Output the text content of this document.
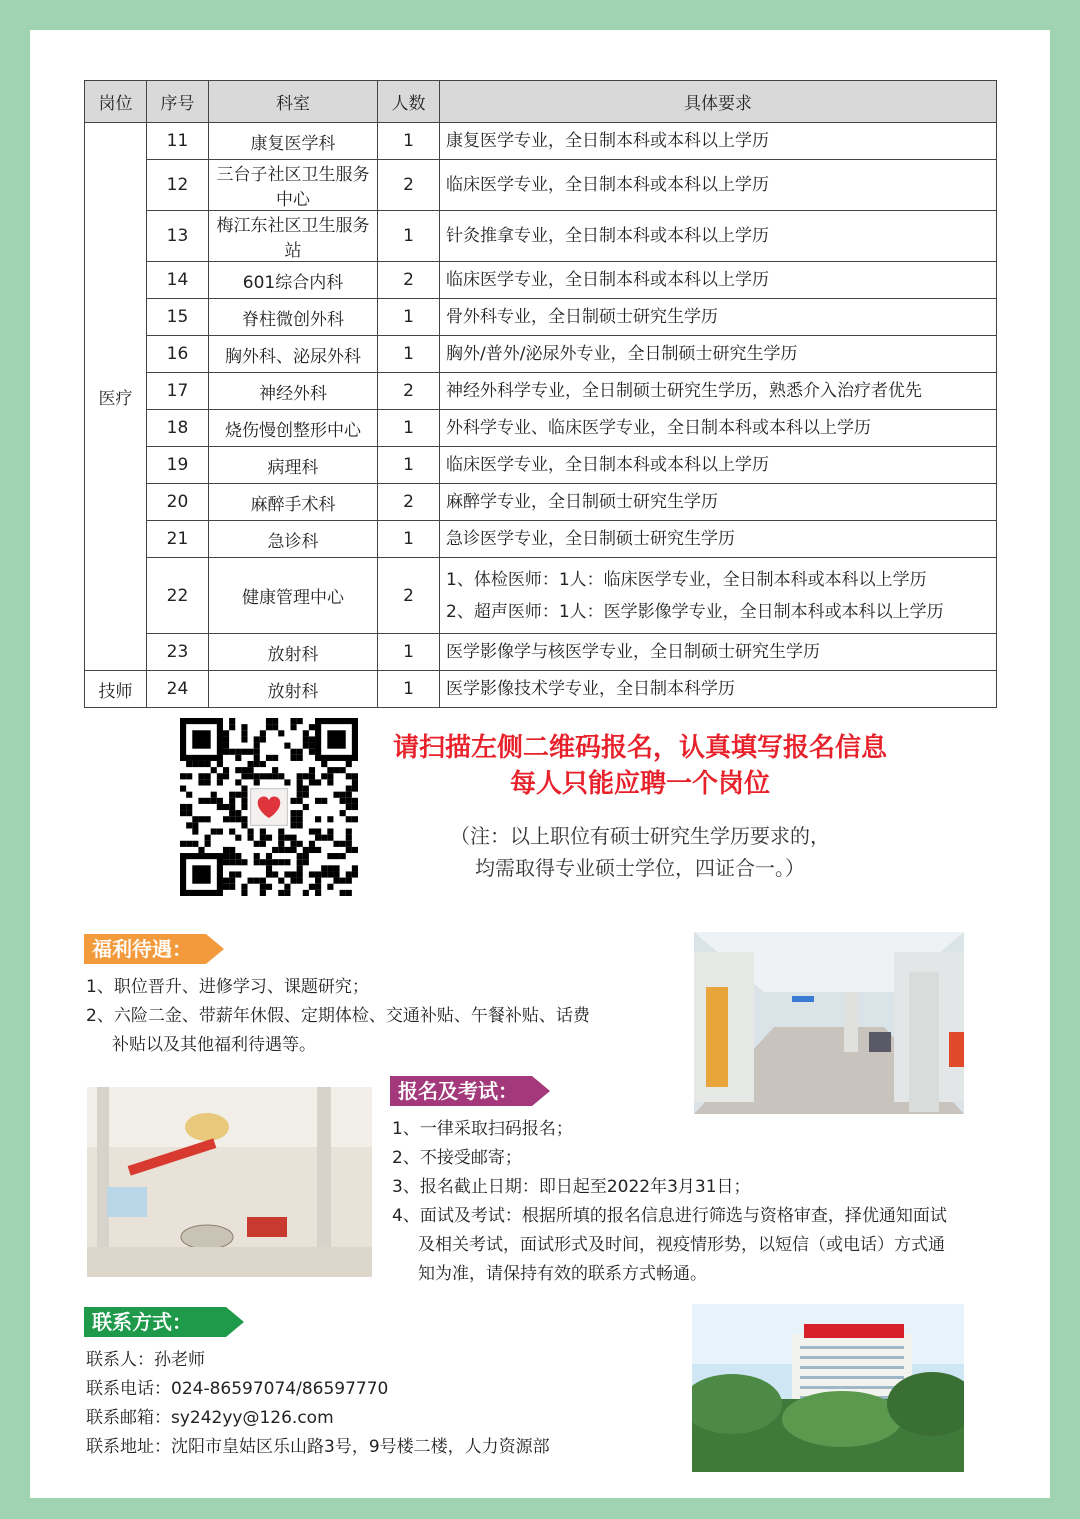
岗位	序号	科室	人数	具体要求
医疗	11	康复医学科	1	康复医学专业，全日制本科或本科以上学历

	12	三台子社区卫生服务中心	2	临床医学专业，全日制本科或本科以上学历

	13	梅江东社区卫生服务站	1	针灸推拿专业，全日制本科或本科以上学历

	14	601综合内科	2	临床医学专业，全日制本科或本科以上学历

	15	脊柱微创外科	1	骨外科专业，全日制硕士研究生学历

	16	胸外科、泌尿外科	1	胸外/普外/泌尿外专业，全日制硕士研究生学历

	17	神经外科	2	神经外科学专业，全日制硕士研究生学历，熟悉介入治疗者优先

	18	烧伤慢创整形中心	1	外科学专业、临床医学专业，全日制本科或本科以上学历

	19	病理科	1	临床医学专业，全日制本科或本科以上学历

	20	麻醉手术科	2	麻醉学专业，全日制硕士研究生学历

	21	急诊科	1	急诊医学专业，全日制硕士研究生学历

	22	健康管理中心	2	1、体检医师：1人：临床医学专业，全日制本科或本科以上学历
2、超声医师：1人：医学影像学专业，全日制本科或本科以上学历

	23	放射科	1	医学影像学与核医学专业，全日制硕士研究生学历

技师	24	放射科	1	医学影像技术学专业，全日制本科学历
请扫描左侧二维码报名，认真填写报名信息
每人只能应聘一个岗位
（注：以上职位有硕士研究生学历要求的，
均需取得专业硕士学位，四证合一。）
福利待遇：
1、职位晋升、进修学习、课题研究；
2、六险二金、带薪年休假、定期体检、交通补贴、午餐补贴、话费
补贴以及其他福利待遇等。
报名及考试：
1、一律采取扫码报名；
2、不接受邮寄；
3、报名截止日期：即日起至2022年3月31日；
4、面试及考试：根据所填的报名信息进行筛选与资格审查，择优通知面试
及相关考试，面试形式及时间，视疫情形势，以短信（或电话）方式通
知为准，请保持有效的联系方式畅通。
联系方式：
联系人：孙老师
联系电话：024-86597074/86597770
联系邮箱：sy242yy@126.com
联系地址：沈阳市皇姑区乐山路3号，9号楼二楼，人力资源部
